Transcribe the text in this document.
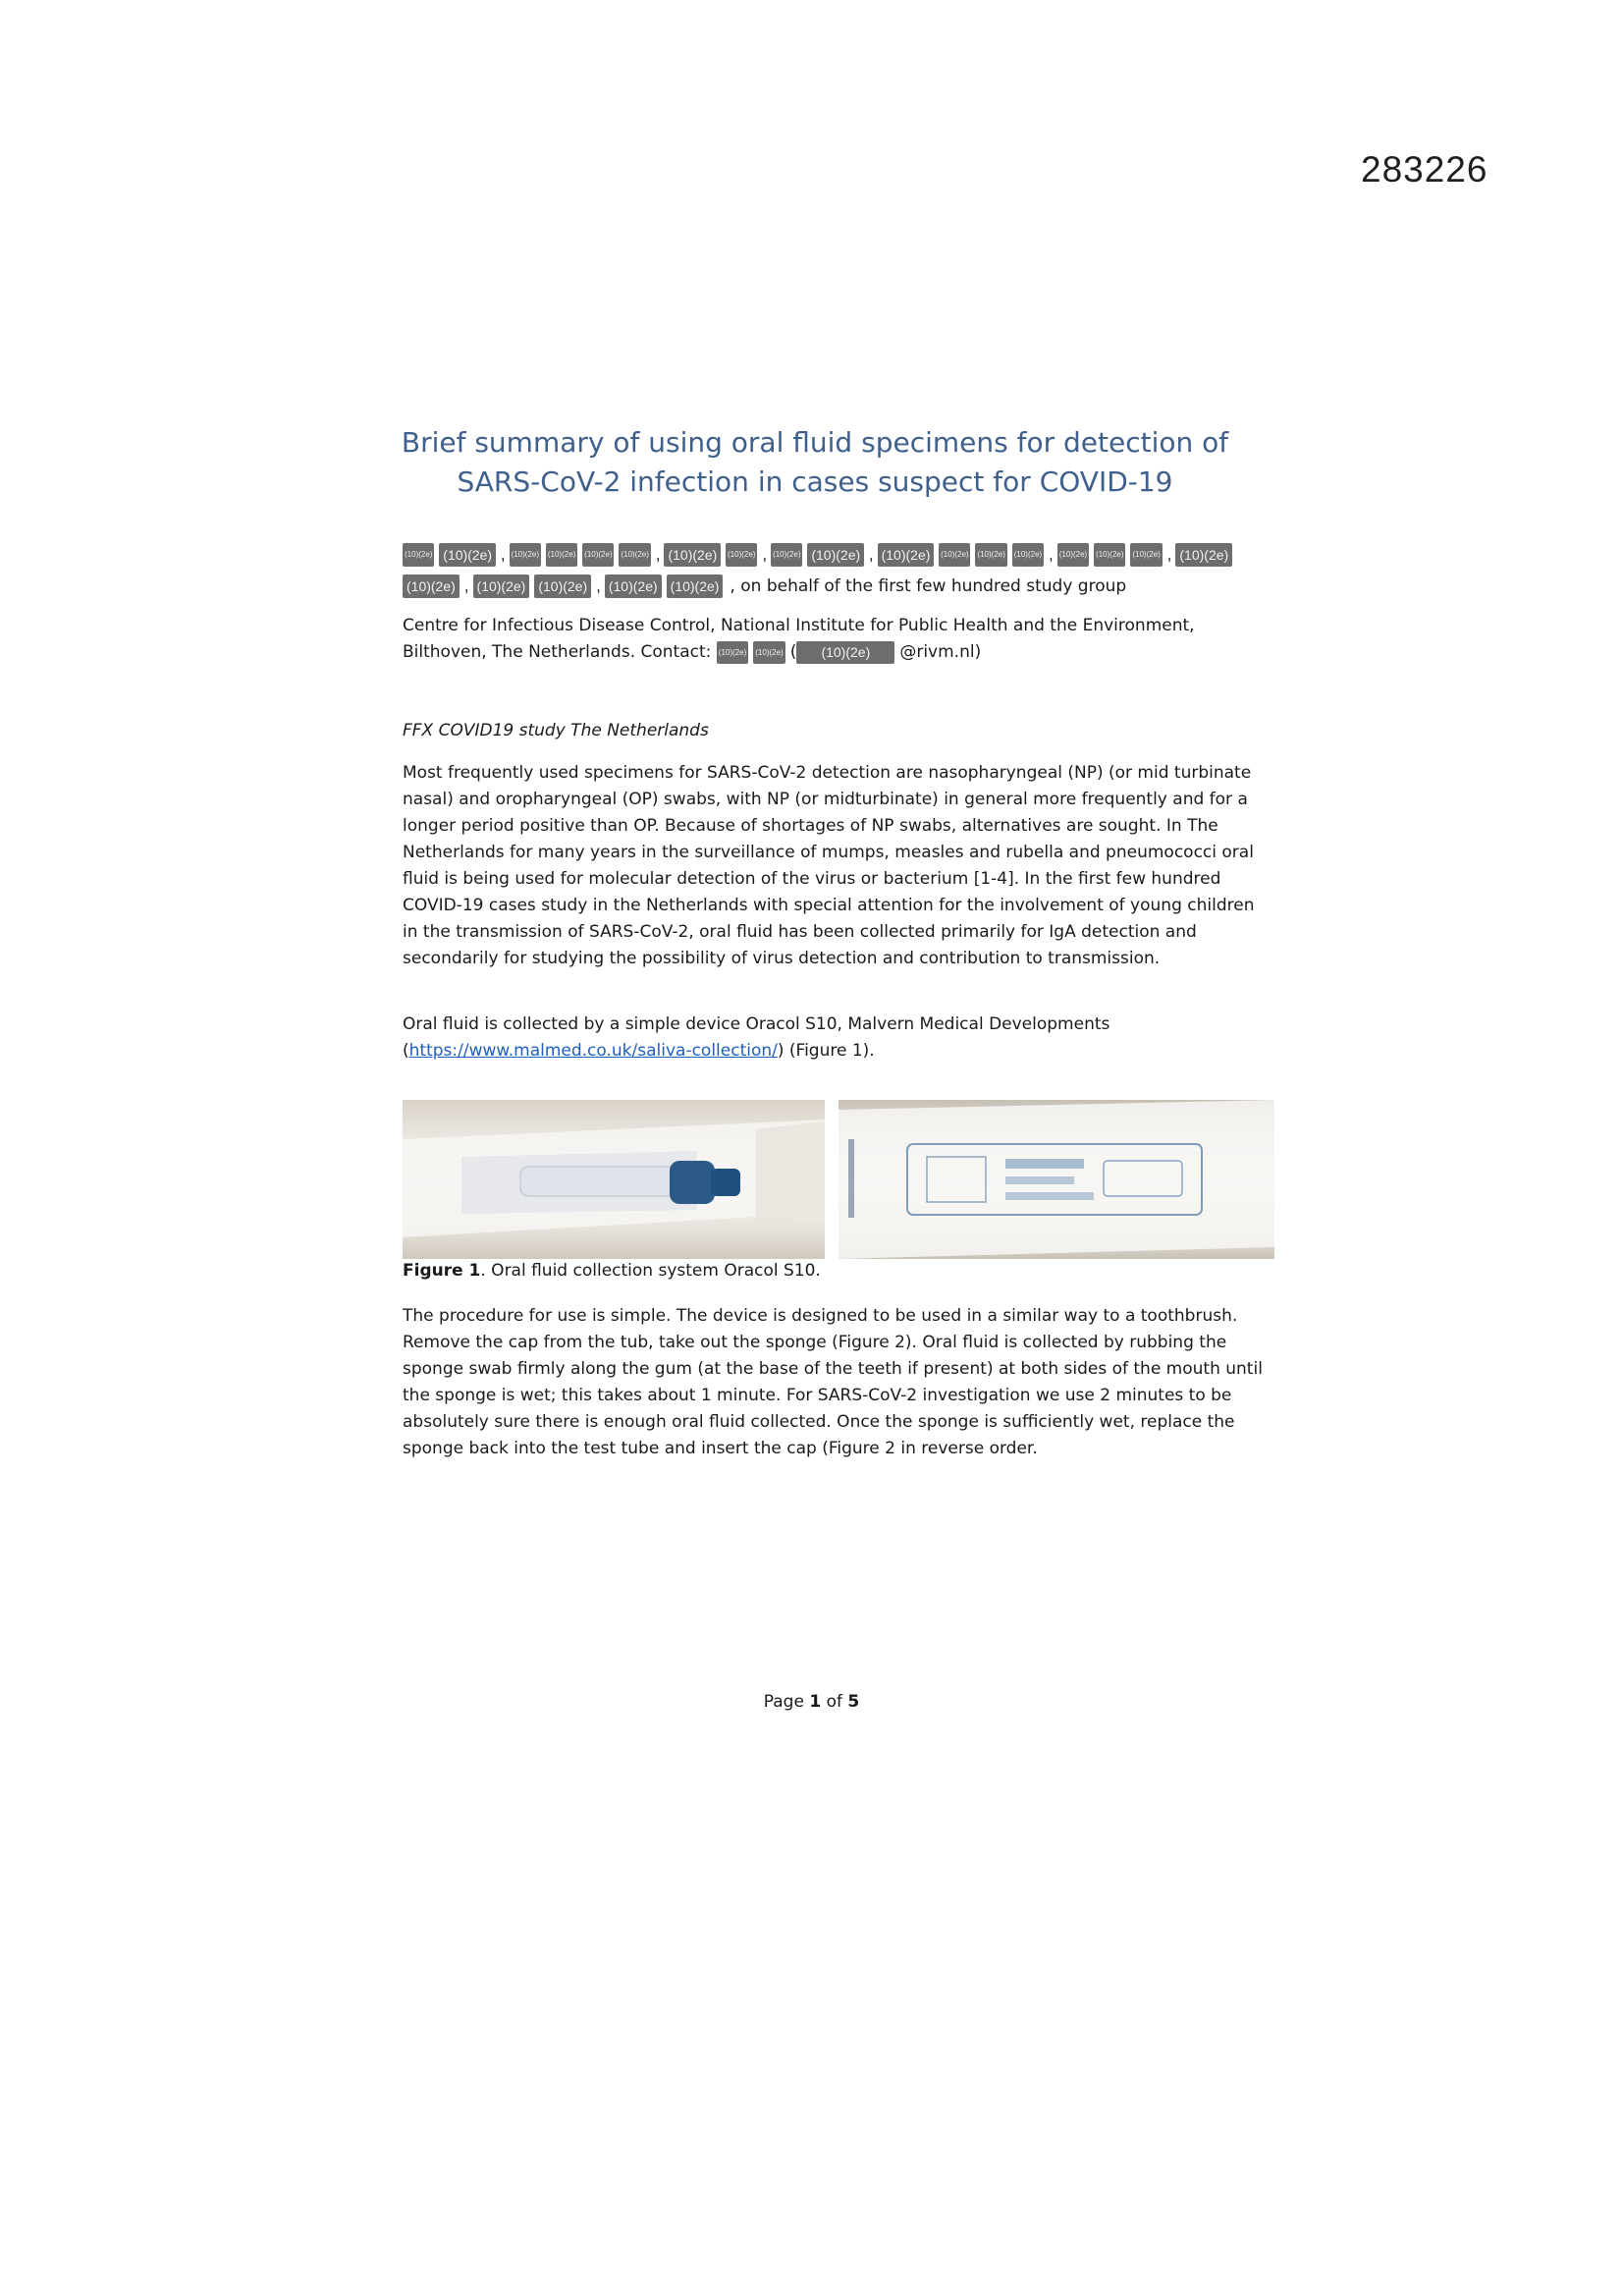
283226
Brief summary of using oral fluid specimens for detection of SARS-CoV-2 infection in cases suspect for COVID-19
(10)(2e) (10)(2e) , (10)(2e) (10)(2e) (10)(2e) (10)(2e) , (10)(2e)	(10)(2e) , (10)(2e) (10)(2e) , (10)(2e)	(10)(2e) (10)(2e) (10)(2e) , (10)(2e) (10)(2e) (10)(2e) , (10)(2e)
(10)(2e) , (10)(2e) (10)(2e) , (10)(2e) (10)(2e) , on behalf of the first few hundred study group

Centre for Infectious Disease Control, National Institute for Public Health and the Environment, Bilthoven, The Netherlands. Contact: (10)(2e) (10)(2e) ( (10)(2e) @rivm.nl)

FFX COVID19 study The Netherlands

Most frequently used specimens for SARS-CoV-2 detection are nasopharyngeal (NP) (or mid turbinate nasal) and oropharyngeal (OP) swabs, with NP (or midturbinate) in general more frequently and for a longer period positive than OP. Because of shortages of NP swabs, alternatives are sought. In The Netherlands for many years in the surveillance of mumps, measles and rubella and pneumococci oral fluid is being used for molecular detection of the virus or bacterium [1-4]. In the first few hundred COVID-19 cases study in the Netherlands with special attention for the involvement of young children in the transmission of SARS-CoV-2, oral fluid has been collected primarily for IgA detection and secondarily for studying the possibility of virus detection and contribution to transmission.

Oral fluid is collected by a simple device Oracol S10, Malvern Medical Developments (https://www.malmed.co.uk/saliva-collection/) (Figure 1).

Figure 1. Oral fluid collection system Oracol S10.

The procedure for use is simple. The device is designed to be used in a similar way to a toothbrush. Remove the cap from the tub, take out the sponge (Figure 2). Oral fluid is collected by rubbing the sponge swab firmly along the gum (at the base of the teeth if present) at both sides of the mouth until the sponge is wet; this takes about 1 minute. For SARS-CoV-2 investigation we use 2 minutes to be absolutely sure there is enough oral fluid collected. Once the sponge is sufficiently wet, replace the sponge back into the test tube and insert the cap (Figure 2 in reverse order.

Page 1 of 5
